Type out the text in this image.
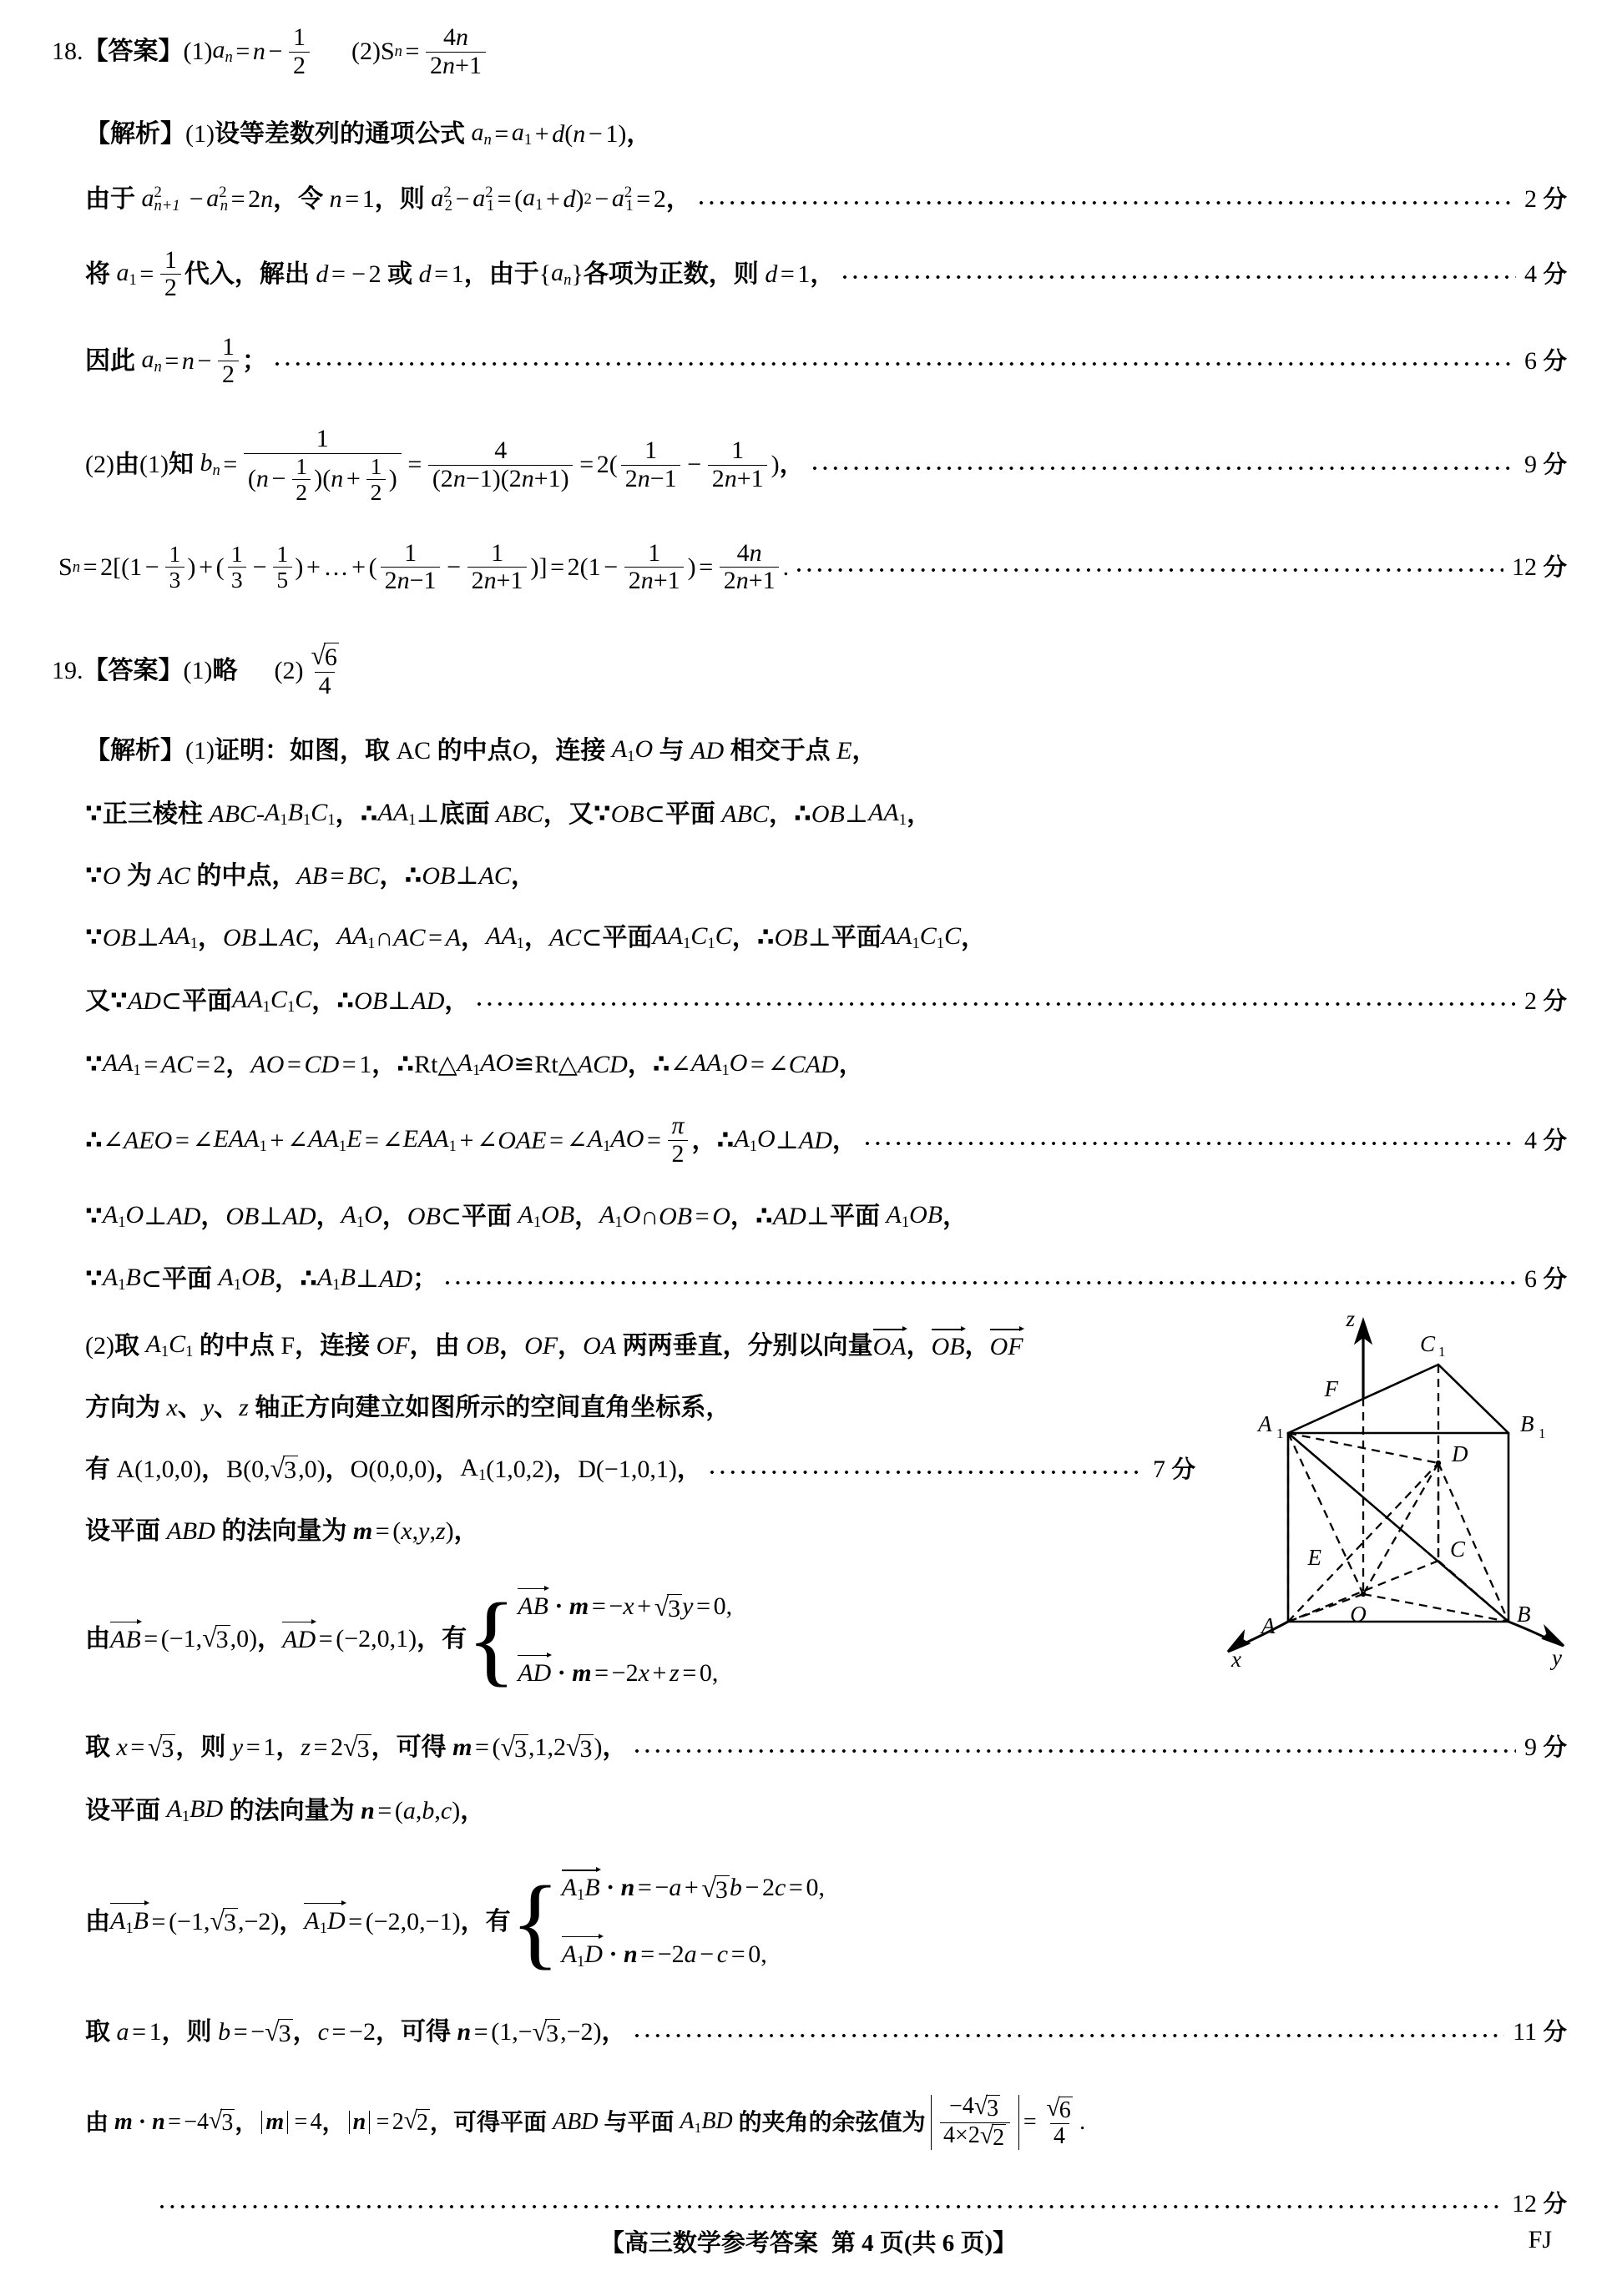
18. 【答案】 (1) $a_n = n - \frac{1}{2} (2)$ S $n = \frac{4n}{2n+1}$
【解析】 (1) 设等差数列的通项公式
$a_n = a1 + d$ ( n − 1 ) ，
由于
$a^2_{n+1} - a^2_n = 2$ n ，令
n = 1 ，则
$a^22 - a^21$ = ( a1 + d ) $2 - a^21 = 2$ ，	2 分
将
$a1 = \frac{1}{2}$ 代入，解出
d = − 2 或
d = 1 ，由于 { $a_n$ } 各项为正数，则
d = 1 ，	4 分
因此
$a_n = n - \frac{1}{2}$ ；	6 分
(2) 由 (1) 知
$b_n = \frac{1}{( n - \frac{1}{2} ) ( n + \frac{1}{2} )} = \frac{4}{(2n-1)(2n+1)} = 2$ ( $\frac{1}{2n-1} - \frac{1}{2n+1}$ ) ，	9 分
S n = 2 [ ( $1 - \frac{1}{3}$ ) + ( $\frac{1}{3} - \frac{1}{5}$ ) + … + ( $\frac{1}{2n-1} - \frac{1}{2n+1}$ ) ] = 2 ( $1 - \frac{1}{2n+1}$ ) = $\frac{4n}{2n+1}$ .	12 分
19. 【答案】 (1) 略 $(2) \frac{√ 6}{4}$
【解析】 (1) 证明：如图，取
AC
的中点 O ，连接
A1O
与
AD
相交于点
E ，
∵正三棱柱
ABC - A1B1C1 ，∴ AA1 ⊥ 底面
ABC ，又∵ OB ⊂ 平面
ABC ，∴ OB ⊥ AA1 ，
∵ O
为
AC
的中点， AB = BC ，∴ OB ⊥ AC ，
∵ OB ⊥ AA1 ， OB ⊥ AC ， AA1 ∩ AC = A ， AA1 ， AC ⊂ 平面 AA1C1C ，∴ OB ⊥ 平面 AA1C1C ，
又∵ AD ⊂ 平面 AA1C1C ，∴ OB ⊥ AD ，	2 分
∵ AA1 = AC = 2 ， AO = CD = 1 ，∴ Rt △ A1AO ≌ Rt △ ACD ，∴ ∠ AA1O = ∠ CAD ，
∴ ∠ AEO = ∠ EAA1 + ∠ AA1E = ∠ EAA1 + ∠ OAE = ∠ $A1AO = \frac{\pi}{2}$ ，∴ A1O ⊥ AD ，	4 分
∵ A1O ⊥ AD ， OB ⊥ AD ， A1O ， OB ⊂ 平面
A1OB ， A1O ∩ OB = O ，∴ AD ⊥ 平面
A1OB ，
∵ A1B ⊂ 平面
A1OB ，∴ A1B ⊥ AD ；	6 分
(2) 取
A1C1
的中点
F ，连接
OF ，由
OB ， OF ， OA
两两垂直，分别以向量 OA ， OB ， OF
方向为
x 、 y 、 z
轴正方向建立如图所示的空间直角坐标系，
有
A (1,0,0) ， B (0, √ 3 ,0) ， O (0,0,0) ， A1 (1,0,2) ， D (−1,0,1) ，	7 分
设平面
ABD
的法向量为
m = ( x , y , z ) ，
由 AB = (−1, √ 3 ,0) ， AD = (−2,0,1) ，有 { AB · m = −x + √ 3 y = 0,
AD · m = −2x + z = 0,
取
x = √ 3 ，则
y = 1 ， z = 2 √ 3 ，可得
m = ( √ 3 ,1,2 √ 3 ) ，	9 分
设平面
A1BD
的法向量为
n = ( a , b , c ) ，
由 A1B = (−1, √ 3 ,−2) ， A1D = (−2,0,−1) ，有 { A1B · n = −a + √ 3 b − 2c = 0,
A1D · n = −2a − c = 0,
取
a = 1 ，则
b = − √ 3 ， c = −2 ，可得
n = (1,− √ 3 ,−2) ，	11 分
由
m
·
n = −4 √ 3 ， m = 4 ， n = 2 √ 2 ，可得平面
ABD
与平面
A1BD
的夹角的余弦值为 $\frac{-4 √ 3}{4\times 2 √ 2} = \frac{√ 6}{4}$ .
12 分
z
x	y
C 1
F
A 1	B 1
D
C
E
O
A	B
【高三数学参考答案 第 4 页(共 6 页)】	FJ
